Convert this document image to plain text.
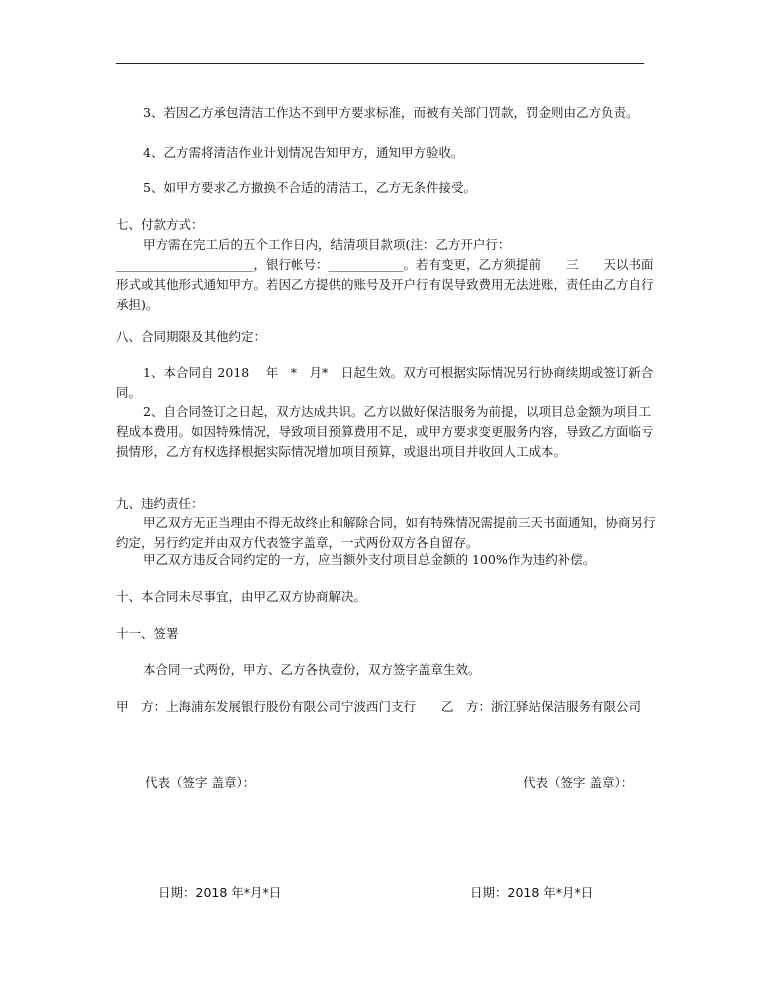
3、若因乙方承包清洁工作达不到甲方要求标准，而被有关部门罚款，罚金则由乙方负责。

4、乙方需将清洁作业计划情况告知甲方，通知甲方验收。

5、如甲方要求乙方撤换不合适的清洁工，乙方无条件接受。

七、付款方式：

甲方需在完工后的五个工作日内，结清项目款项(注：乙方开户行：

______________________，银行帐号：____________。若有变更，乙方须提前　　三　　天以书面形式或其他形式通知甲方。若因乙方提供的账号及开户行有误导致费用无法进账，责任由乙方自行承担)。

八、合同期限及其他约定：

1、本合同自 2018　 年　*　月*　日起生效。双方可根据实际情况另行协商续期或签订新合同。

2、自合同签订之日起，双方达成共识。乙方以做好保洁服务为前提，以项目总金额为项目工程成本费用。如因特殊情况，导致项目预算费用不足，或甲方要求变更服务内容，导致乙方面临亏损情形，乙方有权选择根据实际情况增加项目预算，或退出项目并收回人工成本。

九、违约责任：

甲乙双方无正当理由不得无故终止和解除合同，如有特殊情况需提前三天书面通知，协商另行约定，另行约定并由双方代表签字盖章，一式两份双方各自留存。

甲乙双方违反合同约定的一方，应当额外支付项目总金额的 100%作为违约补偿。

十、本合同未尽事宜，由甲乙双方协商解决。

十一、签署

本合同一式两份，甲方、乙方各执壹份，双方签字盖章生效。

甲　方：上海浦东发展银行股份有限公司宁波西门支行　　乙　方：浙江驿站保洁服务有限公司

代表（签字 盖章）：	代表（签字 盖章）：
日期：2018 年*月*日	日期：2018 年*月*日
